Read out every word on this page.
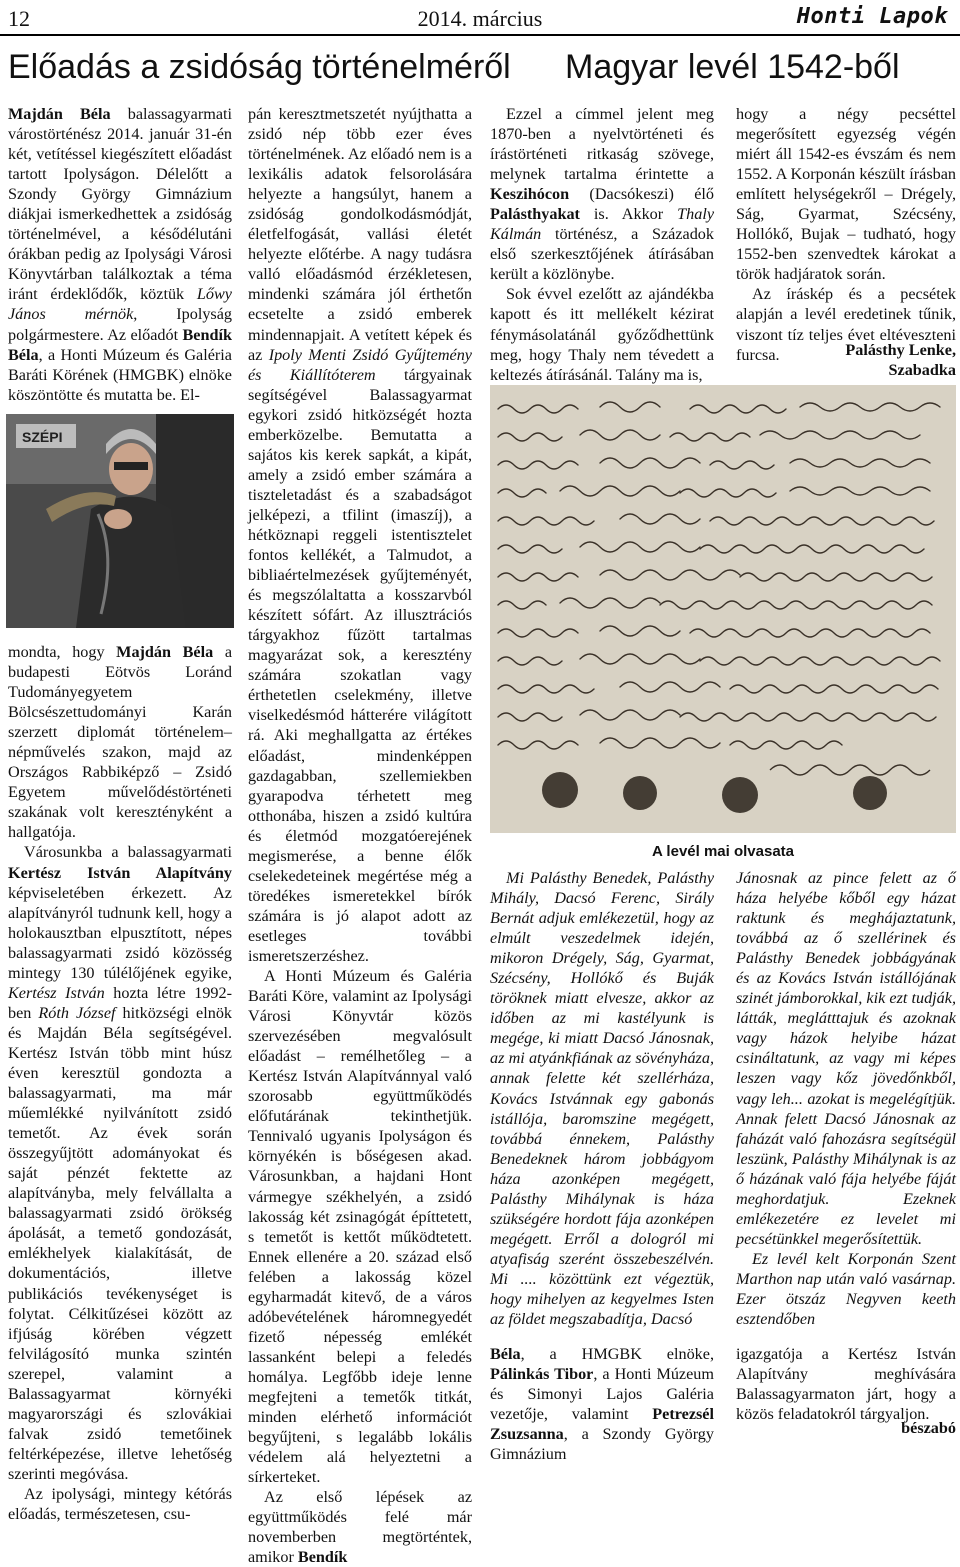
12	2014. március	Honti Lapok
Előadás a zsidóság történelméről Magyar levél 1542-ből

Majdán Béla balassagyarmati várostörténész 2014. január 31-én két, vetítéssel kiegészített előadást tartott Ipolyságon. Délelőtt a Szondy György Gimnázium diákjai ismerkedhettek a zsidóság történelmével, a késődélutáni órákban pedig az Ipolysági Városi Könyvtárban találkoztak a téma iránt érdeklődők, köztük Lőwy János mérnök, Ipolyság polgármestere. Az előadót Bendík Béla, a Honti Múzeum és Galéria Baráti Körének (HMGBK) elnöke köszöntötte és mutatta be. El-

SZÉPI

mondta, hogy Majdán Béla a budapesti Eötvös Loránd Tudományegyetem Bölcsészettudományi Karán szerzett diplomát történelem–népművelés szakon, majd az Országos Rabbiképző – Zsidó Egyetem művelődéstörténeti szakának volt keresztényként a hallgatója.

Városunkba a balassagyarmati Kertész István Alapítvány képviseletében érkezett. Az alapítványról tudnunk kell, hogy a holokausztban elpusztított, népes balassagyarmati zsidó közösség mintegy 130 túlélőjének egyike, Kertész István hozta létre 1992-ben Róth József hitközségi elnök és Majdán Béla segítségével. Kertész István több mint húsz éven keresztül gondozta a balassagyarmati, ma már műemlékké nyilvánított zsidó temetőt. Az évek során összegyűjtött adományokat és saját pénzét fektette az alapítványba, mely felvállalta a balassagyarmati zsidó örökség ápolását, a temető gondozását, emlékhelyek kialakítását, de dokumentációs, illetve publikációs tevékenységet is folytat. Célkitűzései között az ifjúság körében végzett felvilágosító munka szintén szerepel, valamint a Balassagyarmat környéki magyarországi és szlovákiai falvak zsidó temetőinek feltérképezése, illetve lehetőség szerinti megóvása.

Az ipolysági, mintegy kétórás előadás, természetesen, csu-

pán keresztmetszetét nyújthatta a zsidó nép több ezer éves történelmének. Az előadó nem is a lexikális adatok felsorolására helyezte a hangsúlyt, hanem a zsidóság gondolkodásmódját, életfelfogását, vallási életét helyezte előtérbe. A nagy tudásra valló előadásmód érzékletesen, mindenki számára jól érthetőn ecsetelte a zsidó emberek mindennapjait. A vetített képek és az Ipoly Menti Zsidó Gyűjtemény és Kiállítóterem tárgyainak segítségével Balassagyarmat egykori zsidó hitközségét hozta emberközelbe. Bemutatta a sajátos kis kerek sapkát, a kipát, amely a zsidó ember számára a tiszteletadást és a szabadságot jelképezi, a tfilint (imaszíj), a hétköznapi reggeli istentisztelet fontos kellékét, a Talmudot, a bibliaértelmezések gyűjteményét, és megszólaltatta a kosszarvból készített sófárt. Az illusztrációs tárgyakhoz fűzött tartalmas magyarázat sok, a keresztény számára szokatlan vagy érthetetlen cselekmény, illetve viselkedésmód hátterére világított rá. Aki meghallgatta az értékes előadást, mindenképpen gazdagabban, szellemiekben gyarapodva térhetett meg otthonába, hiszen a zsidó kultúra és életmód mozgatóerejének megismerése, a benne élők cselekedeteinek megértése még a töredékes ismeretekkel bírók számára is jó alapot adott az esetleges további ismeretszerzéshez.

A Honti Múzeum és Galéria Baráti Köre, valamint az Ipolysági Városi Könyvtár közös szervezésében megvalósult előadást – remélhetőleg – a Kertész István Alapítvánnyal való szorosabb együttműködés előfutárának tekinthetjük. Tennivaló ugyanis Ipolyságon és környékén is bőségesen akad. Városunkban, a hajdani Hont vármegye székhelyén, a zsidó lakosság két zsinagógát építtetett, s temetőt is kettőt működtetett. Ennek ellenére a 20. század első felében a lakosság közel egyharmadát kitevő, de a város adóbevételének háromnegyedét fizető népesség emlékét lassanként belepi a feledés homálya. Legfőbb ideje lenne megfejteni a temetők titkát, minden elérhető információt begyűjteni, s legalább lokális védelem alá helyeztetni a sírkerteket.

Az első lépések az együttműködés felé már novemberben megtörténtek, amikor Bendík

Ezzel a címmel jelent meg 1870-ben a nyelvtörténeti és írástörténeti ritkaság szövege, melynek tartalma érintette a Keszihócon (Dacsókeszi) élő Palásthyakat is. Akkor Thaly Kálmán történész, a Századok első szerkesztőjének átírásában került a közlönybe.

Sok évvel ezelőtt az ajándékba kapott és itt mellékelt kézirat fénymásolatánál győződhettünk meg, hogy Thaly nem tévedett a keltezés átírásánál. Talány ma is,

hogy a négy pecséttel megerősített egyezség végén miért áll 1542-es évszám és nem 1552. A Korponán készült írásban említett helységekről – Drégely, Ság, Gyarmat, Szécsény, Hollókő, Bujak – tudható, hogy 1552-ben szenvedtek károkat a török hadjáratok során.

Az íráskép és a pecsétek alapján a levél eredetinek tűnik, viszont tíz teljes évet eltéveszteni furcsa.	Palásthy Lenke,
Szabadka
A levél mai olvasata

Mi Palásthy Benedek, Palásthy Mihály, Dacsó Ferenc, Sirály Bernát adjuk emlékezetül, hogy az elmúlt veszedelmek idején, mikoron Drégely, Ság, Gyarmat, Szécsény, Hollókő és Buják töröknek miatt elvesze, akkor az időben az mi kastélyunk is megége, ki miatt Dacsó Jánosnak, az mi atyánkfiának az sövényháza, annak felette két szellérháza, Kovács Istvánnak egy gabonás istállója, baromszine megégett, továbbá énnekem, Palásthy Benedeknek három jobbágyom háza azonképen megégett, Palásthy Mihálynak is háza szükségére hordott fája azonképen megégett. Erről a dologról mi atyafiság szerént összebeszélvén. Mi .... közöttünk ezt végeztük, hogy mihelyen az kegyelmes Isten az földet megszabadítja, Dacsó

Jánosnak az pince felett az ő háza helyébe kőből egy házat raktunk és meghájaztatunk, továbbá az ő szellérinek és Palásthy Benedek jobbágyának és az Kovács István istállójának szinét jámborokkal, kik ezt tudják, látták, meglátttajuk és azoknak vagy házok helyibe házat csináltatunk, az vagy mi képes leszen vagy kőz jövedőnkből, vagy leh... azokat is megelégítjük. Annak felett Dacsó Jánosnak az faházát való fahozásra segítségül leszünk, Palásthy Mihálynak is az ő házának való fája helyébe fáját meghordatjuk. Ezeknek emlékezetére ez levelet mi pecsétünkkel megerősítettük.

Ez levél kelt Korponán Szent Marthon nap után való vasárnap. Ezer ötszáz Negyven keeth esztendőben

Béla, a HMGBK elnöke, Pálinkás Tibor, a Honti Múzeum és Simonyi Lajos Galéria vezetője, valamint Petrezsél Zsuzsanna, a Szondy György Gimnázium

igazgatója a Kertész István Alapítvány meghívására Balassagyarmaton járt, hogy a közös feladatokról tárgyaljon.

bészabó
